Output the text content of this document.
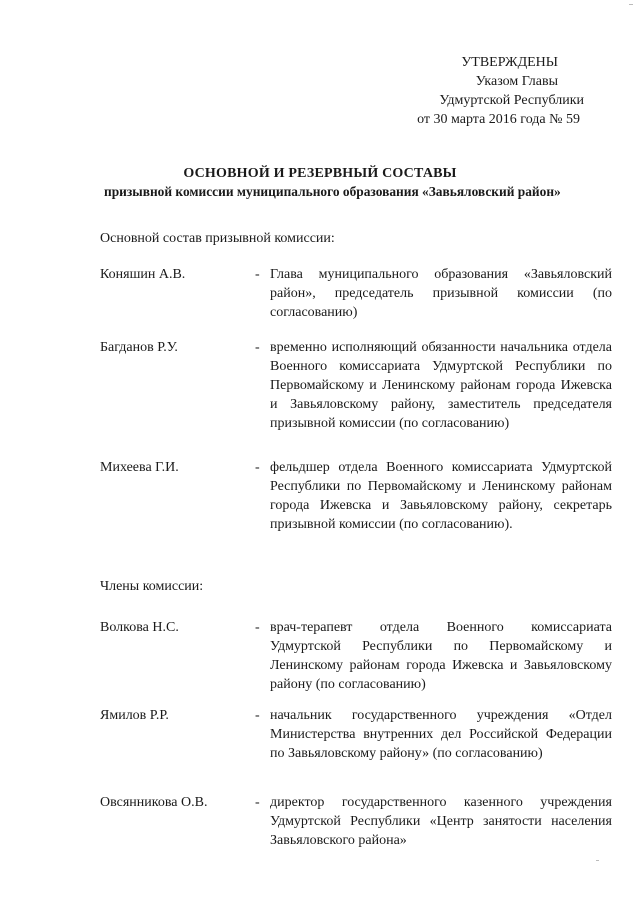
УТВЕРЖДЕНЫ
Указом Главы
Удмуртской Республики
от 30 марта 2016 года № 59
ОСНОВНОЙ И РЕЗЕРВНЫЙ СОСТАВЫ
призывной комиссии муниципального образования «Завьяловский район»
Основной состав призывной комиссии:
Коняшин А.В.	- Глава муниципального образования «Завьяловский район», председатель призывной комиссии (по согласованию)
Багданов Р.У.	- временно исполняющий обязанности начальника отдела Военного комиссариата Удмуртской Республики по Первомайскому и Ленинскому районам города Ижевска и Завьяловскому району, заместитель председателя призывной комиссии (по согласованию)
Михеева Г.И.	- фельдшер отдела Военного комиссариата Удмуртской Республики по Первомайскому и Ленинскому районам города Ижевска и Завьяловскому району, секретарь призывной комиссии (по согласованию).
Члены комиссии:
Волкова Н.С.	- врач-терапевт отдела Военного комиссариата Удмуртской Республики по Первомайскому и Ленинскому районам города Ижевска и Завьяловскому району (по согласованию)
Ямилов Р.Р.	- начальник государственного учреждения «Отдел Министерства внутренних дел Российской Федерации по Завьяловскому району» (по согласованию)
Овсянникова О.В.	- директор государственного казенного учреждения Удмуртской Республики «Центр занятости населения Завьяловского района»
